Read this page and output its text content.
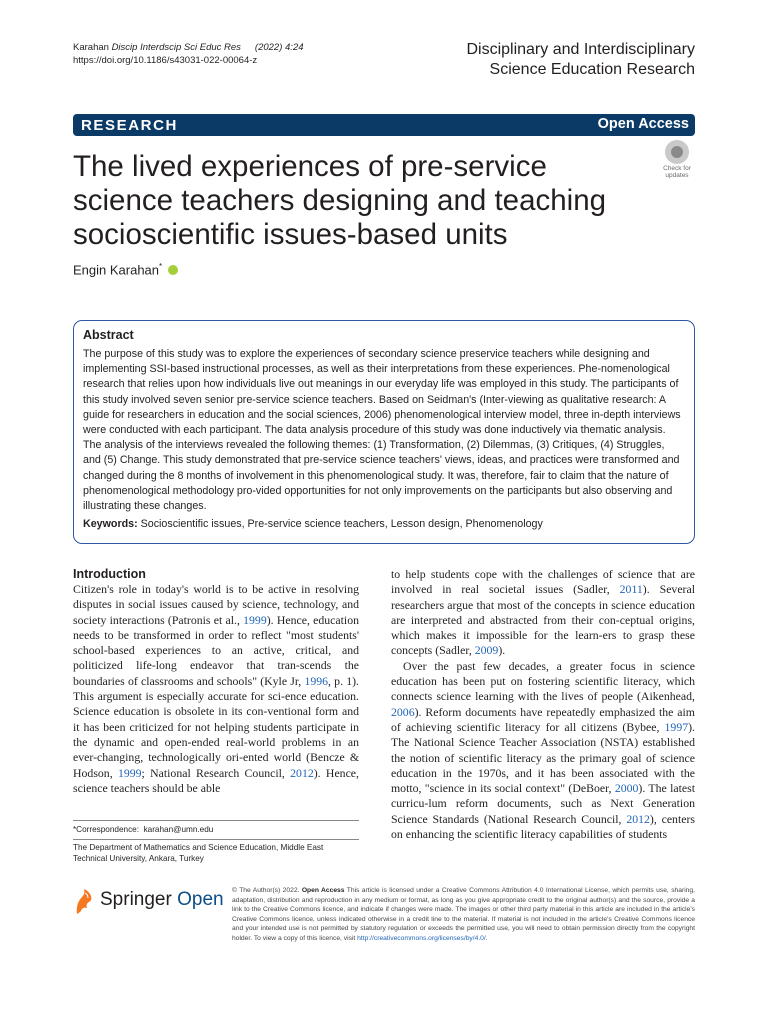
Karahan Discip Interdscip Sci Educ Res (2022) 4:24
https://doi.org/10.1186/s43031-022-00064-z
Disciplinary and Interdisciplinary
Science Education Research
RESEARCH	Open Access
The lived experiences of pre-service science teachers designing and teaching socioscientific issues-based units
Check for
updates
Engin Karahan*
Abstract
The purpose of this study was to explore the experiences of secondary science preservice teachers while designing and implementing SSI-based instructional processes, as well as their interpretations from these experiences. Phe-nomenological research that relies upon how individuals live out meanings in our everyday life was employed in this study. The participants of this study involved seven senior pre-service science teachers. Based on Seidman's (Inter-viewing as qualitative research: A guide for researchers in education and the social sciences, 2006) phenomenological interview model, three in-depth interviews were conducted with each participant. The data analysis procedure of this study was done inductively via thematic analysis. The analysis of the interviews revealed the following themes: (1) Transformation, (2) Dilemmas, (3) Critiques, (4) Struggles, and (5) Change. This study demonstrated that pre-service science teachers' views, ideas, and practices were transformed and changed during the 8 months of involvement in this phenomenological study. It was, therefore, fair to claim that the nature of phenomenological methodology pro-vided opportunities for not only improvements on the participants but also observing and illustrating these changes.
Keywords: Socioscientific issues, Pre-service science teachers, Lesson design, Phenomenology
Introduction

Citizen's role in today's world is to be active in resolving disputes in social issues caused by science, technology, and society interactions (Patronis et al., 1999). Hence, education needs to be transformed in order to reflect "most students' school-based experiences to an active, critical, and politicized life-long endeavor that tran-scends the boundaries of classrooms and schools" (Kyle Jr, 1996, p. 1). This argument is especially accurate for sci-ence education. Science education is obsolete in its con-ventional form and it has been criticized for not helping students participate in the dynamic and open-ended real-world problems in an ever-changing, technologically ori-ented world (Bencze & Hodson, 1999; National Research Council, 2012). Hence, science teachers should be able

*Correspondence: karahan@umn.edu
The Department of Mathematics and Science Education, Middle East Technical University, Ankara, Turkey

to help students cope with the challenges of science that are involved in real societal issues (Sadler, 2011). Several researchers argue that most of the concepts in science education are interpreted and abstracted from their con-ceptual origins, which makes it impossible for the learn-ers to grasp these concepts (Sadler, 2009).

Over the past few decades, a greater focus in science education has been put on fostering scientific literacy, which connects science learning with the lives of people (Aikenhead, 2006). Reform documents have repeatedly emphasized the aim of achieving scientific literacy for all citizens (Bybee, 1997). The National Science Teacher Association (NSTA) established the notion of scientific literacy as the primary goal of science education in the 1970s, and it has been associated with the motto, "science in its social context" (DeBoer, 2000). The latest curricu-lum reform documents, such as Next Generation Science Standards (National Research Council, 2012), centers on enhancing the scientific literacy capabilities of students

Springer Open © The Author(s) 2022. Open Access This article is licensed under a Creative Commons Attribution 4.0 International License, which permits use, sharing, adaptation, distribution and reproduction in any medium or format, as long as you give appropriate credit to the original author(s) and the source, provide a link to the Creative Commons licence, and indicate if changes were made. The images or other third party material in this article are included in the article's Creative Commons licence, unless indicated otherwise in a credit line to the material. If material is not included in the article's Creative Commons licence and your intended use is not permitted by statutory regulation or exceeds the permitted use, you will need to obtain permission directly from the copyright holder. To view a copy of this licence, visit http://creativecommons.org/licenses/by/4.0/.
